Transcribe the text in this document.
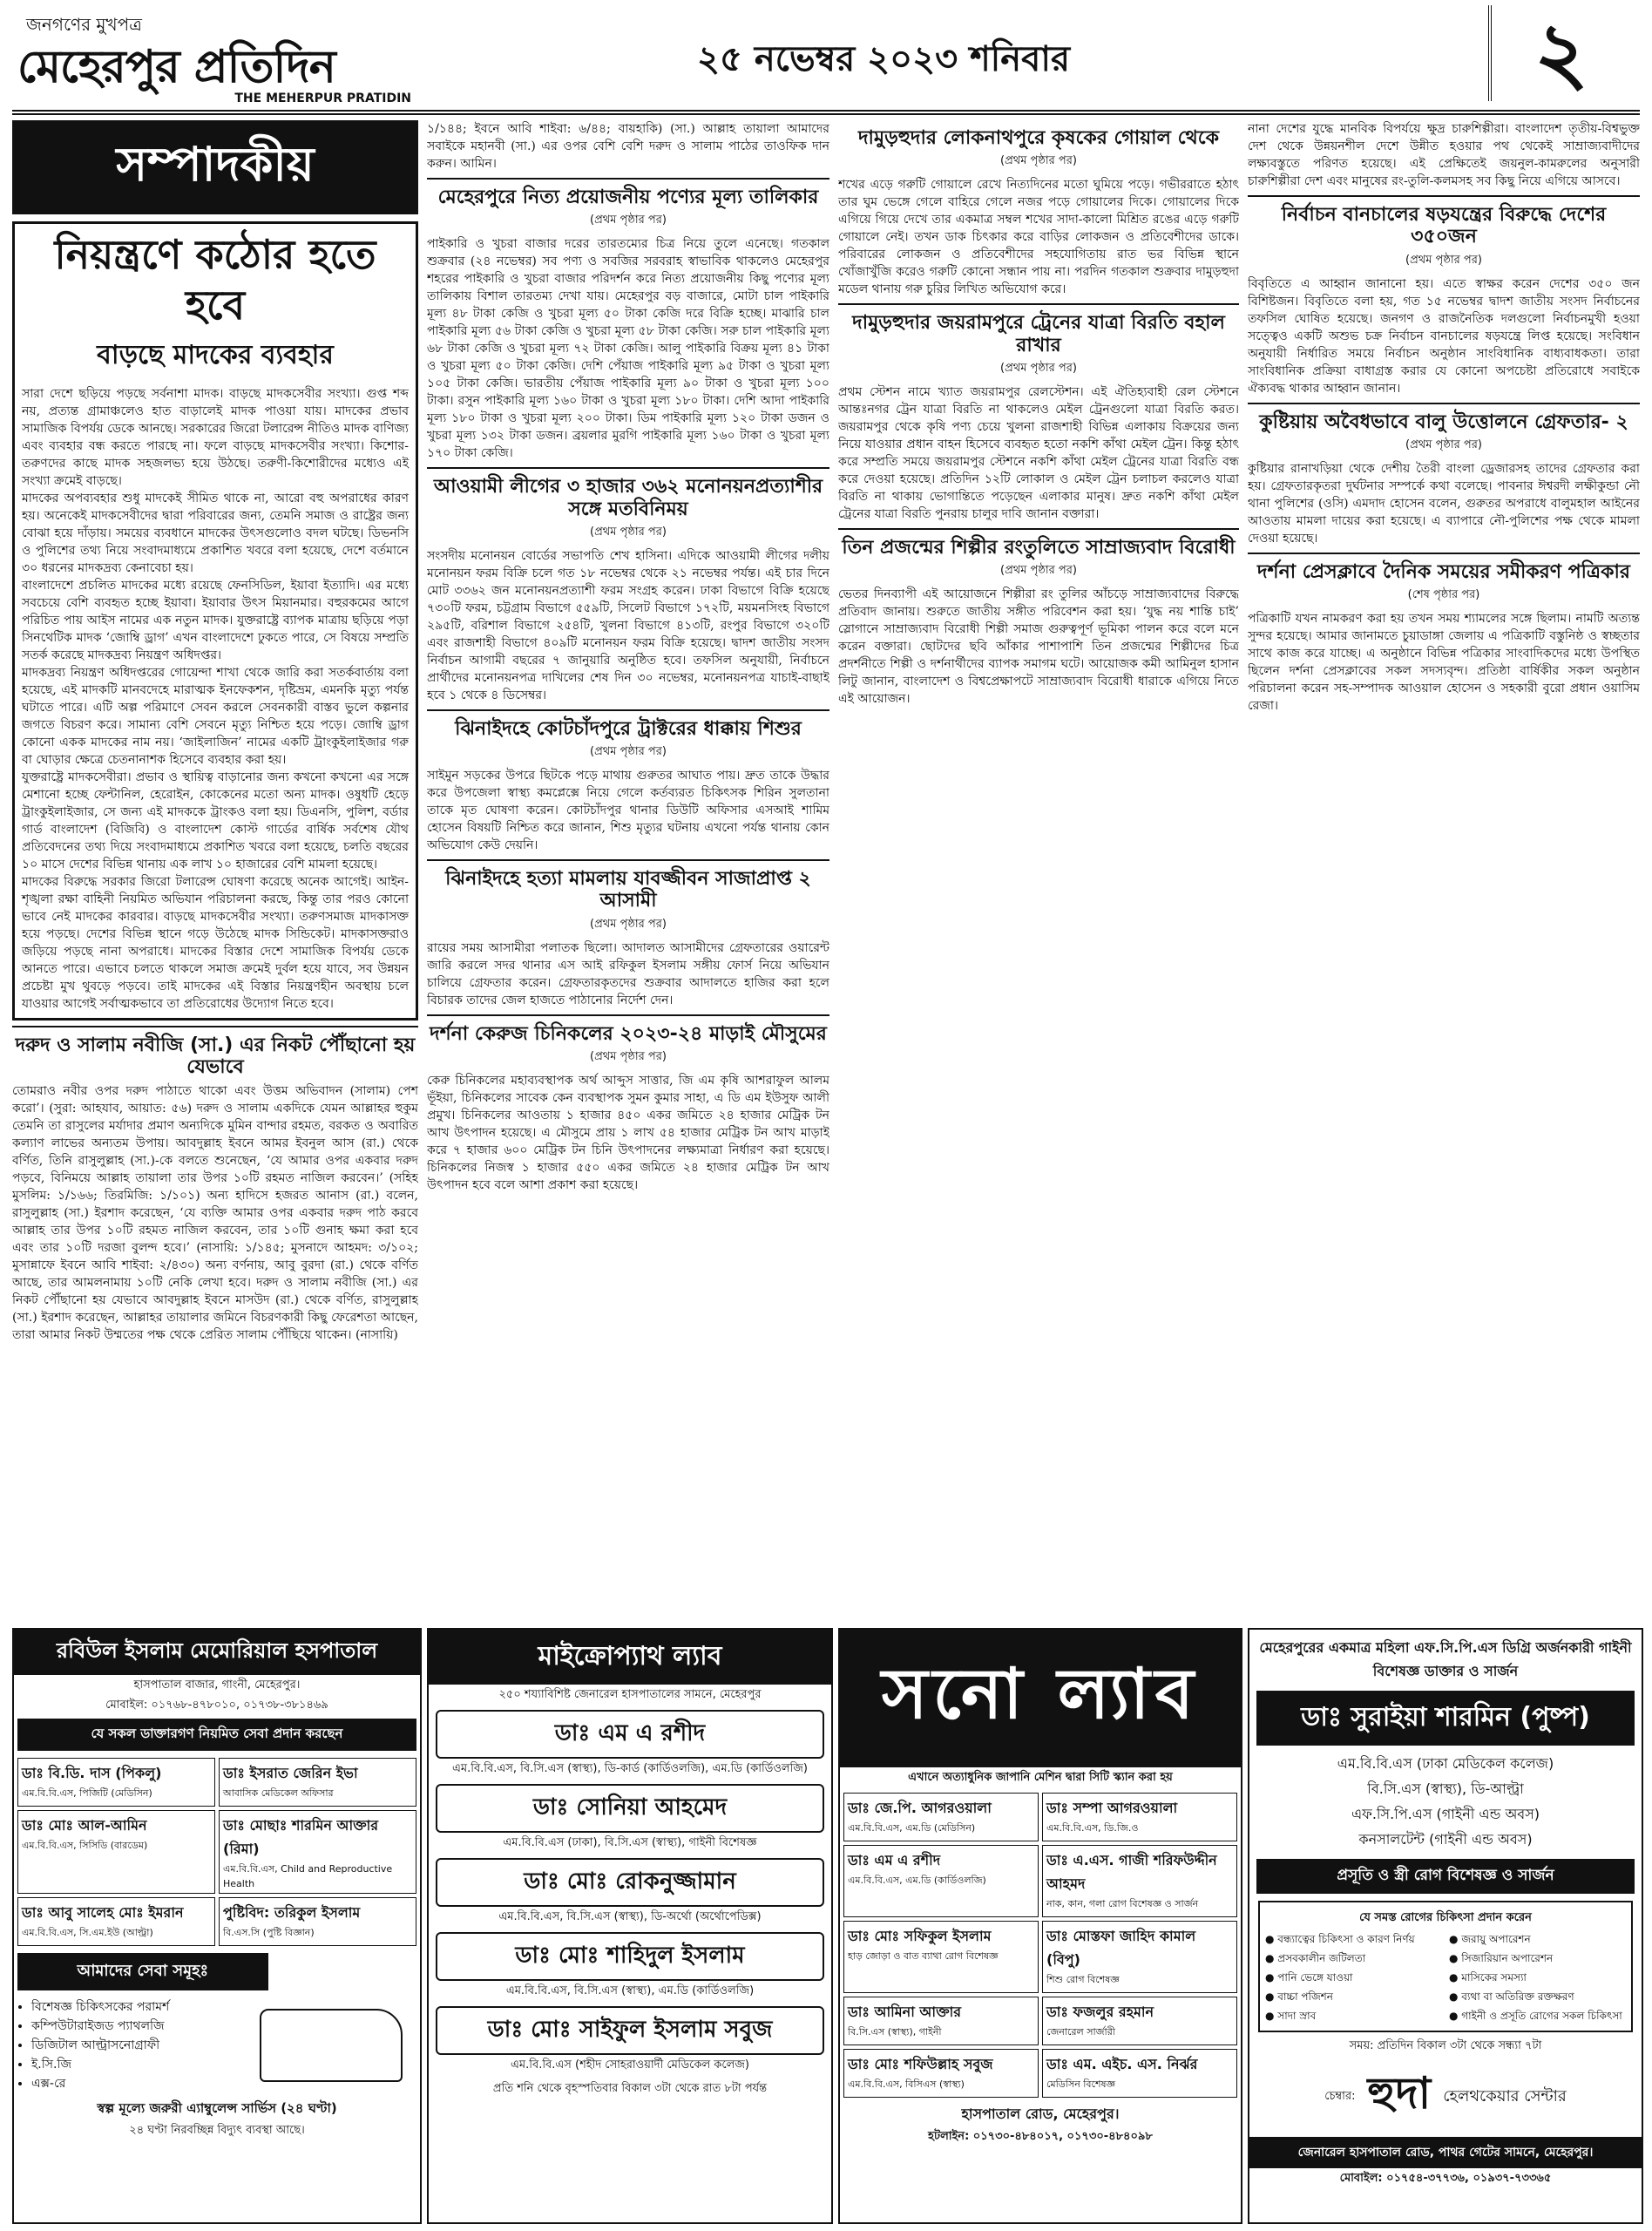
জনগণের মুখপত্র
মেহেরপুর প্রতিদিন
THE MEHERPUR PRATIDIN
২৫ নভেম্বর ২০২৩ শনিবার	২
সম্পাদকীয়
নিয়ন্ত্রণে কঠোর হতে হবে
বাড়ছে মাদকের ব্যবহার

সারা দেশে ছড়িয়ে পড়ছে সর্বনাশা মাদক। বাড়ছে মাদকসেবীর সংখ্যা। গুপ্ত শব্দ নয়, প্রত্যন্ত গ্রামাঞ্চলেও হাত বাড়ালেই মাদক পাওয়া যায়। মাদকের প্রভাব সামাজিক বিপর্যয় ডেকে আনছে। সরকারের জিরো টলারেন্স নীতিও মাদক বাণিজ্য এবং ব্যবহার বন্ধ করতে পারছে না। ফলে বাড়ছে মাদকসেবীর সংখ্যা। কিশোর-তরুণদের কাছে মাদক সহজলভ্য হয়ে উঠছে। তরুণী-কিশোরীদের মধ্যেও এই সংখ্যা ক্রমেই বাড়ছে।

মাদকের অপব্যবহার শুধু মাদকেই সীমিত থাকে না, আরো বহু অপরাধের কারণ হয়। অনেকেই মাদকসেবীদের দ্বারা পরিবারের জন্য, তেমনি সমাজ ও রাষ্ট্রের জন্য বোঝা হয়ে দাঁড়ায়। সময়ের ব্যবধানে মাদকের উৎসগুলোও বদল ঘটছে। ডিভনসি ও পুলিশের তথ্য নিয়ে সংবাদমাধ্যমে প্রকাশিত খবরে বলা হয়েছে, দেশে বর্তমানে ৩০ ধরনের মাদকদ্রব্য কেনাবেচা হয়।

বাংলাদেশে প্রচলিত মাদকের মধ্যে রয়েছে ফেনসিডিল, ইয়াবা ইত্যাদি। এর মধ্যে সবচেয়ে বেশি ব্যবহৃত হচ্ছে ইয়াবা। ইয়াবার উৎস মিয়ানমার। বহুরকমের আগে পরিচিত পায় আইস নামের এক নতুন মাদক। যুক্তরাষ্ট্রে ব্যাপক মাত্রায় ছড়িয়ে পড়া সিনথেটিক মাদক ‘জোম্বি ড্রাগ’ এখন বাংলাদেশে ঢুকতে পারে, সে বিষয়ে সম্প্রতি সতর্ক করেছে মাদকদ্রব্য নিয়ন্ত্রণ অধিদপ্তর।

মাদকদ্রব্য নিয়ন্ত্রণ অধিদপ্তরের গোয়েন্দা শাখা থেকে জারি করা সতর্কবার্তায় বলা হয়েছে, এই মাদকটি মানবদেহে মারাত্মক ইনফেকশন, দৃষ্টিভ্রম, এমনকি মৃত্যু পর্যন্ত ঘটাতে পারে। এটি অল্প পরিমাণে সেবন করলে সেবনকারী বাস্তব ভুলে কল্পনার জগতে বিচরণ করে। সামান্য বেশি সেবনে মৃত্যু নিশ্চিত হয়ে পড়ে। জোম্বি ড্রাগ কোনো একক মাদকের নাম নয়। ‘জাইলাজিন’ নামের একটি ট্রাংকুইলাইজার গরু বা ঘোড়ার ক্ষেত্রে চেতনানাশক হিসেবে ব্যবহার করা হয়।

যুক্তরাষ্ট্রে মাদকসেবীরা। প্রভাব ও স্থায়িত্ব বাড়ানোর জন্য কখনো কখনো এর সঙ্গে মেশানো হচ্ছে ফেন্টানিল, হেরোইন, কোকেনের মতো অন্য মাদক। ওষুধটি হেড়ে ট্রাংকুইলাইজার, সে জন্য এই মাদককে ট্রাংকও বলা হয়। ডিএনসি, পুলিশ, বর্ডার গার্ড বাংলাদেশ (বিজিবি) ও বাংলাদেশ কোস্ট গার্ডের বার্ষিক সর্বশেষ যৌথ প্রতিবেদনের তথ্য দিয়ে সংবাদমাধ্যমে প্রকাশিত খবরে বলা হয়েছে, চলতি বছরের ১০ মাসে দেশের বিভিন্ন থানায় এক লাখ ১০ হাজারের বেশি মামলা হয়েছে।

মাদকের বিরুদ্ধে সরকার জিরো টলারেন্স ঘোষণা করেছে অনেক আগেই। আইন-শৃঙ্খলা রক্ষা বাহিনী নিয়মিত অভিযান পরিচালনা করছে, কিন্তু তার পরও কোনো ভাবে নেই মাদকের কারবার। বাড়ছে মাদকসেবীর সংখ্যা। তরুণসমাজ মাদকাসক্ত হয়ে পড়ছে। দেশের বিভিন্ন স্থানে গড়ে উঠেছে মাদক সিন্ডিকেট। মাদকাসক্তরাও জড়িয়ে পড়ছে নানা অপরাধে। মাদকের বিস্তার দেশে সামাজিক বিপর্যয় ডেকে আনতে পারে। এভাবে চলতে থাকলে সমাজ ক্রমেই দুর্বল হয়ে যাবে, সব উন্নয়ন প্রচেষ্টা মুখ থুবড়ে পড়বে। তাই মাদকের এই বিস্তার নিয়ন্ত্রণহীন অবস্থায় চলে যাওয়ার আগেই সর্বাত্মকভাবে তা প্রতিরোধের উদ্যোগ নিতে হবে।

দরুদ ও সালাম নবীজি (সা.) এর নিকট পৌঁছানো হয় যেভাবে

তোমরাও নবীর ওপর দরুদ পাঠাতে থাকো এবং উত্তম অভিবাদন (সালাম) পেশ করো’। (সুরা: আহযাব, আয়াত: ৫৬) দরুদ ও সালাম একদিকে যেমন আল্লাহর হুকুম তেমনি তা রাসুলের মর্যাদার প্রমাণ অন্যদিকে মুমিন বান্দার রহমত, বরকত ও অবারিত কল্যাণ লাভের অন্যতম উপায়। আবদুল্লাহ ইবনে আমর ইবনুল আস (রা.) থেকে বর্ণিত, তিনি রাসুলুল্লাহ (সা.)-কে বলতে শুনেছেন, ‘যে আমার ওপর একবার দরুদ পড়বে, বিনিময়ে আল্লাহ তায়ালা তার উপর ১০টি রহমত নাজিল করবেন।’ (সহিহ মুসলিম: ১/১৬৬; তিরমিজি: ১/১০১) অন্য হাদিসে হজরত আনাস (রা.) বলেন, রাসুলুল্লাহ (সা.) ইরশাদ করেছেন, ‘যে ব্যক্তি আমার ওপর একবার দরুদ পাঠ করবে আল্লাহ তার উপর ১০টি রহমত নাজিল করবেন, তার ১০টি গুনাহ ক্ষমা করা হবে এবং তার ১০টি দরজা বুলন্দ হবে।’ (নাসায়ি: ১/১৪৫; মুসনাদে আহমদ: ৩/১০২; মুসান্নাফে ইবনে আবি শাইবা: ২/৪৩০) অন্য বর্ণনায়, আবু বুরদা (রা.) থেকে বর্ণিত আছে, তার আমলনামায় ১০টি নেকি লেখা হবে। দরুদ ও সালাম নবীজি (সা.) এর নিকট পৌঁছানো হয় যেভাবে আবদুল্লাহ ইবনে মাসউদ (রা.) থেকে বর্ণিত, রাসুলুল্লাহ (সা.) ইরশাদ করেছেন, আল্লাহর তায়ালার জমিনে বিচরণকারী কিছু ফেরেশতা আছেন, তারা আমার নিকট উম্মতের পক্ষ থেকে প্রেরিত সালাম পৌঁছিয়ে থাকেন। (নাসায়ি)

১/১৪৪; ইবনে আবি শাইবা: ৬/৪৪; বায়হাকি) (সা.) আল্লাহ তায়ালা আমাদের সবাইকে মহানবী (সা.) এর ওপর বেশি বেশি দরুদ ও সালাম পাঠের তাওফিক দান করুন। আমিন।

মেহেরপুরে নিত্য প্রয়োজনীয় পণ্যের মূল্য তালিকার
(প্রথম পৃষ্ঠার পর)

পাইকারি ও খুচরা বাজার দরের তারতম্যের চিত্র নিয়ে তুলে এনেছে। গতকাল শুক্রবার (২৪ নভেম্বর) সব পণ্য ও সবজির সরবরাহ স্বাভাবিক থাকলেও মেহেরপুর শহরের পাইকারি ও খুচরা বাজার পরিদর্শন করে নিত্য প্রয়োজনীয় কিছু পণ্যের মূল্য তালিকায় বিশাল তারতম্য দেখা যায়। মেহেরপুর বড় বাজারে, মোটা চাল পাইকারি মূল্য ৪৮ টাকা কেজি ও খুচরা মূল্য ৫০ টাকা কেজি দরে বিক্রি হচ্ছে। মাঝারি চাল পাইকারি মূল্য ৫৬ টাকা কেজি ও খুচরা মূল্য ৫৮ টাকা কেজি। সরু চাল পাইকারি মূল্য ৬৮ টাকা কেজি ও খুচরা মূল্য ৭২ টাকা কেজি। আলু পাইকারি বিক্রয় মূল্য ৪১ টাকা ও খুচরা মূল্য ৫০ টাকা কেজি। দেশি পেঁয়াজ পাইকারি মূল্য ৯৫ টাকা ও খুচরা মূল্য ১০৫ টাকা কেজি। ভারতীয় পেঁয়াজ পাইকারি মূল্য ৯০ টাকা ও খুচরা মূল্য ১০০ টাকা। রসুন পাইকারি মূল্য ১৬০ টাকা ও খুচরা মূল্য ১৮০ টাকা। দেশি আদা পাইকারি মূল্য ১৮০ টাকা ও খুচরা মূল্য ২০০ টাকা। ডিম পাইকারি মূল্য ১২০ টাকা ডজন ও খুচরা মূল্য ১৩২ টাকা ডজন। ব্রয়লার মুরগি পাইকারি মূল্য ১৬০ টাকা ও খুচরা মূল্য ১৭০ টাকা কেজি।

আওয়ামী লীগের ৩ হাজার ৩৬২ মনোনয়নপ্রত্যাশীর সঙ্গে মতবিনিময়
(প্রথম পৃষ্ঠার পর)

সংসদীয় মনোনয়ন বোর্ডের সভাপতি শেখ হাসিনা। এদিকে আওয়ামী লীগের দলীয় মনোনয়ন ফরম বিক্রি চলে গত ১৮ নভেম্বর থেকে ২১ নভেম্বর পর্যন্ত। এই চার দিনে মোট ৩৩৬২ জন মনোনয়নপ্রত্যাশী ফরম সংগ্রহ করেন। ঢাকা বিভাগে বিক্রি হয়েছে ৭৩০টি ফরম, চট্টগ্রাম বিভাগে ৫৫৯টি, সিলেট বিভাগে ১৭২টি, ময়মনসিংহ বিভাগে ২৯৫টি, বরিশাল বিভাগে ২৫৪টি, খুলনা বিভাগে ৪১৩টি, রংপুর বিভাগে ৩২০টি এবং রাজশাহী বিভাগে ৪০৯টি মনোনয়ন ফরম বিক্রি হয়েছে। দ্বাদশ জাতীয় সংসদ নির্বাচন আগামী বছরের ৭ জানুয়ারি অনুষ্ঠিত হবে। তফসিল অনুযায়ী, নির্বাচনে প্রার্থীদের মনোনয়নপত্র দাখিলের শেষ দিন ৩০ নভেম্বর, মনোনয়নপত্র যাচাই-বাছাই হবে ১ থেকে ৪ ডিসেম্বর।

ঝিনাইদহে কোটচাঁদপুরে ট্রাক্টরের ধাক্কায় শিশুর
(প্রথম পৃষ্ঠার পর)

সাইমুন সড়কের উপরে ছিটকে পড়ে মাথায় গুরুতর আঘাত পায়। দ্রুত তাকে উদ্ধার করে উপজেলা স্বাস্থ্য কমপ্লেক্সে নিয়ে গেলে কর্তব্যরত চিকিৎসক শিরিন সুলতানা তাকে মৃত ঘোষণা করেন। কোটচাঁদপুর থানার ডিউটি অফিসার এসআই শামিম হোসেন বিষয়টি নিশ্চিত করে জানান, শিশু মৃত্যুর ঘটনায় এখনো পর্যন্ত থানায় কোন অভিযোগ কেউ দেয়নি।

ঝিনাইদহে হত্যা মামলায় যাবজ্জীবন সাজাপ্রাপ্ত ২ আসামী
(প্রথম পৃষ্ঠার পর)

রায়ের সময় আসামীরা পলাতক ছিলো। আদালত আসামীদের গ্রেফতারের ওয়ারেন্ট জারি করলে সদর থানার এস আই রফিকুল ইসলাম সঙ্গীয় ফোর্স নিয়ে অভিযান চালিয়ে গ্রেফতার করেন। গ্রেফতারকৃতদের শুক্রবার আদালতে হাজির করা হলে বিচারক তাদের জেল হাজতে পাঠানোর নির্দেশ দেন।

দর্শনা কেরুজ চিনিকলের ২০২৩-২৪ মাড়াই মৌসুমের
(প্রথম পৃষ্ঠার পর)

কেরু চিনিকলের মহাব্যবস্থাপক অর্থ আব্দুস সাত্তার, জি এম কৃষি আশরাফুল আলম ভূঁইয়া, চিনিকলের সাবেক কেন ব্যবস্থাপক সুমন কুমার সাহা, এ ডি এম ইউসুফ আলী প্রমুখ। চিনিকলের আওতায় ১ হাজার ৪৫০ একর জমিতে ২৪ হাজার মেট্রিক টন আখ উৎপাদন হয়েছে। এ মৌসুমে প্রায় ১ লাখ ৫৪ হাজার মেট্রিক টন আখ মাড়াই করে ৭ হাজার ৬০০ মেট্রিক টন চিনি উৎপাদনের লক্ষ্যমাত্রা নির্ধারণ করা হয়েছে। চিনিকলের নিজস্ব ১ হাজার ৫৫০ একর জমিতে ২৪ হাজার মেট্রিক টন আখ উৎপাদন হবে বলে আশা প্রকাশ করা হয়েছে।

দামুড়হুদার লোকনাথপুরে কৃষকের গোয়াল থেকে
(প্রথম পৃষ্ঠার পর)

শখের এড়ে গরুটি গোয়ালে রেখে নিত্যদিনের মতো ঘুমিয়ে পড়ে। গভীররাতে হঠাৎ তার ঘুম ভেঙ্গে গেলে বাহিরে গেলে নজর পড়ে গোয়ালের দিকে। গোয়ালের দিকে এগিয়ে গিয়ে দেখে তার একমাত্র সম্বল শখের সাদা-কালো মিশ্রিত রঙের এড়ে গরুটি গোয়ালে নেই। তখন ডাক চিৎকার করে বাড়ির লোকজন ও প্রতিবেশীদের ডাকে। পরিবারের লোকজন ও প্রতিবেশীদের সহযোগিতায় রাত ভর বিভিন্ন স্থানে খোঁজাখুঁজি করেও গরুটি কোনো সন্ধান পায় না। পরদিন গতকাল শুক্রবার দামুড়হুদা মডেল থানায় গরু চুরির লিখিত অভিযোগ করে।

দামুড়হুদার জয়রামপুরে ট্রেনের যাত্রা বিরতি বহাল রাখার
(প্রথম পৃষ্ঠার পর)

প্রথম স্টেশন নামে খ্যাত জয়রামপুর রেলস্টেশন। এই ঐতিহ্যবাহী রেল স্টেশনে আন্তঃনগর ট্রেন যাত্রা বিরতি না থাকলেও মেইল ট্রেনগুলো যাত্রা বিরতি করত। জয়রামপুর থেকে কৃষি পণ্য চেয়ে খুলনা রাজশাহী বিভিন্ন এলাকায় বিক্রয়ের জন্য নিয়ে যাওয়ার প্রধান বাহন হিসেবে ব্যবহৃত হতো নকশি কাঁথা মেইল ট্রেন। কিন্তু হঠাৎ করে সম্প্রতি সময়ে জয়রামপুর স্টেশনে নকশি কাঁথা মেইল ট্রেনের যাত্রা বিরতি বন্ধ করে দেওয়া হয়েছে। প্রতিদিন ১২টি লোকাল ও মেইল ট্রেন চলাচল করলেও যাত্রা বিরতি না থাকায় ভোগান্তিতে পড়েছেন এলাকার মানুষ। দ্রুত নকশি কাঁথা মেইল ট্রেনের যাত্রা বিরতি পুনরায় চালুর দাবি জানান বক্তারা।

তিন প্রজন্মের শিল্পীর রংতুলিতে সাম্রাজ্যবাদ বিরোধী
(প্রথম পৃষ্ঠার পর)

ভেতর দিনব্যাপী এই আয়োজনে শিল্পীরা রং তুলির আঁচড়ে সাম্রাজ্যবাদের বিরুদ্ধে প্রতিবাদ জানায়। শুরুতে জাতীয় সঙ্গীত পরিবেশন করা হয়। ‘যুদ্ধ নয় শান্তি চাই’ স্লোগানে সাম্রাজ্যবাদ বিরোধী শিল্পী সমাজ গুরুত্বপূর্ণ ভূমিকা পালন করে বলে মনে করেন বক্তারা। ছোটদের ছবি আঁকার পাশাপাশি তিন প্রজন্মের শিল্পীদের চিত্র প্রদর্শনীতে শিল্পী ও দর্শনার্থীদের ব্যাপক সমাগম ঘটে। আয়োজক কমী আমিনুল হাসান লিটু জানান, বাংলাদেশ ও বিশ্বপ্রেক্ষাপটে সাম্রাজ্যবাদ বিরোধী ধারাকে এগিয়ে নিতে এই আয়োজন।

নানা দেশের যুদ্ধে মানবিক বিপর্যয়ে ক্ষুদ্র চারুশিল্পীরা। বাংলাদেশ তৃতীয়-বিশ্বভুক্ত দেশ থেকে উন্নয়নশীল দেশে উন্নীত হওয়ার পথ থেকেই সাম্রাজ্যবাদীদের লক্ষ্যবস্তুতে পরিণত হয়েছে। এই প্রেক্ষিতেই জয়নুল-কামরুলের অনুসারী চারুশিল্পীরা দেশ এবং মানুষের রং-তুলি-কলমসহ সব কিছু নিয়ে এগিয়ে আসবে।

নির্বাচন বানচালের ষড়যন্ত্রের বিরুদ্ধে দেশের ৩৫০জন
(প্রথম পৃষ্ঠার পর)

বিবৃতিতে এ আহ্বান জানানো হয়। এতে স্বাক্ষর করেন দেশের ৩৫০ জন বিশিষ্টজন। বিবৃতিতে বলা হয়, গত ১৫ নভেম্বর দ্বাদশ জাতীয় সংসদ নির্বাচনের তফসিল ঘোষিত হয়েছে। জনগণ ও রাজনৈতিক দলগুলো নির্বাচনমুখী হওয়া সত্ত্বেও একটি অশুভ চক্র নির্বাচন বানচালের ষড়যন্ত্রে লিপ্ত হয়েছে। সংবিধান অনুযায়ী নির্ধারিত সময়ে নির্বাচন অনুষ্ঠান সাংবিধানিক বাধ্যবাধকতা। তারা সাংবিধানিক প্রক্রিয়া বাধাগ্রস্ত করার যে কোনো অপচেষ্টা প্রতিরোধে সবাইকে ঐক্যবদ্ধ থাকার আহ্বান জানান।

কুষ্টিয়ায় অবৈধভাবে বালু উত্তোলনে গ্রেফতার- ২
(প্রথম পৃষ্ঠার পর)

কুষ্টিয়ার রানাখড়িয়া থেকে দেশীয় তৈরী বাংলা ড্রেজারসহ তাদের গ্রেফতার করা হয়। গ্রেফতারকৃতরা দুর্ঘটনার সম্পর্কে কথা বলেছে। পাবনার ঈশ্বরদী লক্ষীকুন্ডা নৌ থানা পুলিশের (ওসি) এমদাদ হোসেন বলেন, গুরুতর অপরাধে বালুমহাল আইনের আওতায় মামলা দায়ের করা হয়েছে। এ ব্যাপারে নৌ-পুলিশের পক্ষ থেকে মামলা দেওয়া হয়েছে।

দর্শনা প্রেসক্লাবে দৈনিক সময়ের সমীকরণ পত্রিকার
(শেষ পৃষ্ঠার পর)

পত্রিকাটি যখন নামকরণ করা হয় তখন সময় শ্যামলের সঙ্গে ছিলাম। নামটি অত্যন্ত সুন্দর হয়েছে। আমার জানামতে চুয়াডাঙ্গা জেলায় এ পত্রিকাটি বস্তুনিষ্ঠ ও স্বচ্ছতার সাথে কাজ করে যাচ্ছে। এ অনুষ্ঠানে বিভিন্ন পত্রিকার সাংবাদিকদের মধ্যে উপস্থিত ছিলেন দর্শনা প্রেসক্লাবের সকল সদস্যবৃন্দ। প্রতিষ্ঠা বার্ষিকীর সকল অনুষ্ঠান পরিচালনা করেন সহ-সম্পাদক আওয়াল হোসেন ও সহকারী বুরো প্রধান ওয়াসিম রেজা।

রবিউল ইসলাম মেমোরিয়াল হসপাতাল
হাসপাতাল বাজার, গাংনী, মেহেরপুর।
মোবাইল: ০১৭৬৮-৪৭৮০১০, ০১৭৩৮-৩৮১৪৬৯
যে সকল ডাক্তারগণ নিয়মিত সেবা প্রদান করছেন
ডাঃ বি.ডি. দাস (পিকলু)
এম.বি.বি.এস, পিজিটি (মেডিসিন)
ডাঃ ইসরাত জেরিন ইভা
আবাসিক মেডিকেল অফিসার
ডাঃ মোঃ আল-আমিন
এম.বি.বি.এস, সিসিডি (বারডেম)
ডাঃ মোছাঃ শারমিন আক্তার (রিমা)
এম.বি.বি.এস, Child and Reproductive Health
ডাঃ আবু সালেহ মোঃ ইমরান
এম.বি.বি.এস, সি.এম.ইউ (আল্ট্রা)
পুষ্টিবিদ: তরিকুল ইসলাম
বি.এস.সি (পুষ্টি বিজ্ঞান)
আমাদের সেবা সমূহঃ
• বিশেষজ্ঞ চিকিৎসকের পরামর্শ
• কম্পিউটারাইজড প্যাথলজি
• ডিজিটাল আল্ট্রাসনোগ্রাফী
• ই.সি.জি
• এক্স-রে
স্বল্প মূল্যে জরুরী এ্যাম্বুলেন্স সার্ভিস (২৪ ঘণ্টা)
২৪ ঘণ্টা নিরবচ্ছিন্ন বিদ্যুৎ ব্যবস্থা আছে।
মাইক্রোপ্যাথ ল্যাব
২৫০ শয্যাবিশিষ্ট জেনারেল হাসপাতালের সামনে, মেহেরপুর
ডাঃ এম এ রশীদ
এম.বি.বি.এস, বি.সি.এস (স্বাস্থ্য), ডি-কার্ড (কার্ডিওলজি), এম.ডি (কার্ডিওলজি)
ডাঃ সোনিয়া আহমেদ
এম.বি.বি.এস (ঢাকা), বি.সি.এস (স্বাস্থ্য), গাইনী বিশেষজ্ঞ
ডাঃ মোঃ রোকনুজ্জামান
এম.বি.বি.এস, বি.সি.এস (স্বাস্থ্য), ডি-অর্থো (অর্থোপেডিক্স)
ডাঃ মোঃ শাহিদুল ইসলাম
এম.বি.বি.এস, বি.সি.এস (স্বাস্থ্য), এম.ডি (কার্ডিওলজি)
ডাঃ মোঃ সাইফুল ইসলাম সবুজ
এম.বি.বি.এস (শহীদ সোহরাওয়ার্দী মেডিকেল কলেজ)
প্রতি শনি থেকে বৃহস্পতিবার বিকাল ৩টা থেকে রাত ৮টা পর্যন্ত
সনো ল্যাব
এখানে অত্যাধুনিক জাপানি মেশিন দ্বারা সিটি স্ক্যান করা হয়
ডাঃ জে.পি. আগরওয়ালা
এম.বি.বি.এস, এম.ডি (মেডিসিন)
ডাঃ সম্পা আগরওয়ালা
এম.বি.বি.এস, ডি.জি.ও
ডাঃ এম এ রশীদ
এম.বি.বি.এস, এম.ডি (কার্ডিওলজি)
ডাঃ এ.এস. গাজী শরিফউদ্দীন আহমদ
নাক, কান, গলা রোগ বিশেষজ্ঞ ও সার্জন
ডাঃ মোঃ সফিকুল ইসলাম
হাড় জোড়া ও বাত ব্যাথা রোগ বিশেষজ্ঞ
ডাঃ মোস্তফা জাহিদ কামাল (বিপু)
শিশু রোগ বিশেষজ্ঞ
ডাঃ আমিনা আক্তার
বি.সি.এস (স্বাস্থ্য), গাইনী
ডাঃ ফজলুর রহমান
জেনারেল সার্জারী
ডাঃ মোঃ শফিউল্লাহ সবুজ
এম.বি.বি.এস, বিসিএস (স্বাস্থ্য)
ডাঃ এম. এইচ. এস. নির্ঝর
মেডিসিন বিশেষজ্ঞ
হাসপাতাল রোড, মেহেরপুর।
হটলাইন: ০১৭৩০-৪৮৪০১৭, ০১৭৩০-৪৮৪০৯৮
মেহেরপুরের একমাত্র মহিলা এফ.সি.পি.এস ডিগ্রি অর্জনকারী গাইনী বিশেষজ্ঞ ডাক্তার ও সার্জন
ডাঃ সুরাইয়া শারমিন (পুষ্প)
এম.বি.বি.এস (ঢাকা মেডিকেল কলেজ)
বি.সি.এস (স্বাস্থ্য), ডি-আল্ট্রা
এফ.সি.পি.এস (গাইনী এন্ড অবস)
কনসালটেন্ট (গাইনী এন্ড অবস)
প্রসূতি ও স্ত্রী রোগ বিশেষজ্ঞ ও সার্জন
যে সমস্ত রোগের চিকিৎসা প্রদান করেন
● বন্ধ্যাত্বের চিকিৎসা ও কারণ নির্ণয়	● জরায়ু অপারেশন
● প্রসবকালীন জটিলতা	● সিজারিয়ান অপারেশন
● পানি ভেঙ্গে যাওয়া	● মাসিকের সমস্যা
● বাচ্চা পজিশন	● ব্যথা বা অতিরিক্ত রক্তক্ষরণ
● সাদা স্রাব	● গাইনী ও প্রসূতি রোগের সকল চিকিৎসা
সময়: প্রতিদিন বিকাল ৩টা থেকে সন্ধ্যা ৭টা
চেম্বার: হুদা হেলথকেয়ার সেন্টার
জেনারেল হাসপাতাল রোড, পাথর গেটের সামনে, মেহেরপুর।
মোবাইল: ০১৭৫৪-৩৭৭৩৬, ০১৯৩৭-৭৩৩৬৫
